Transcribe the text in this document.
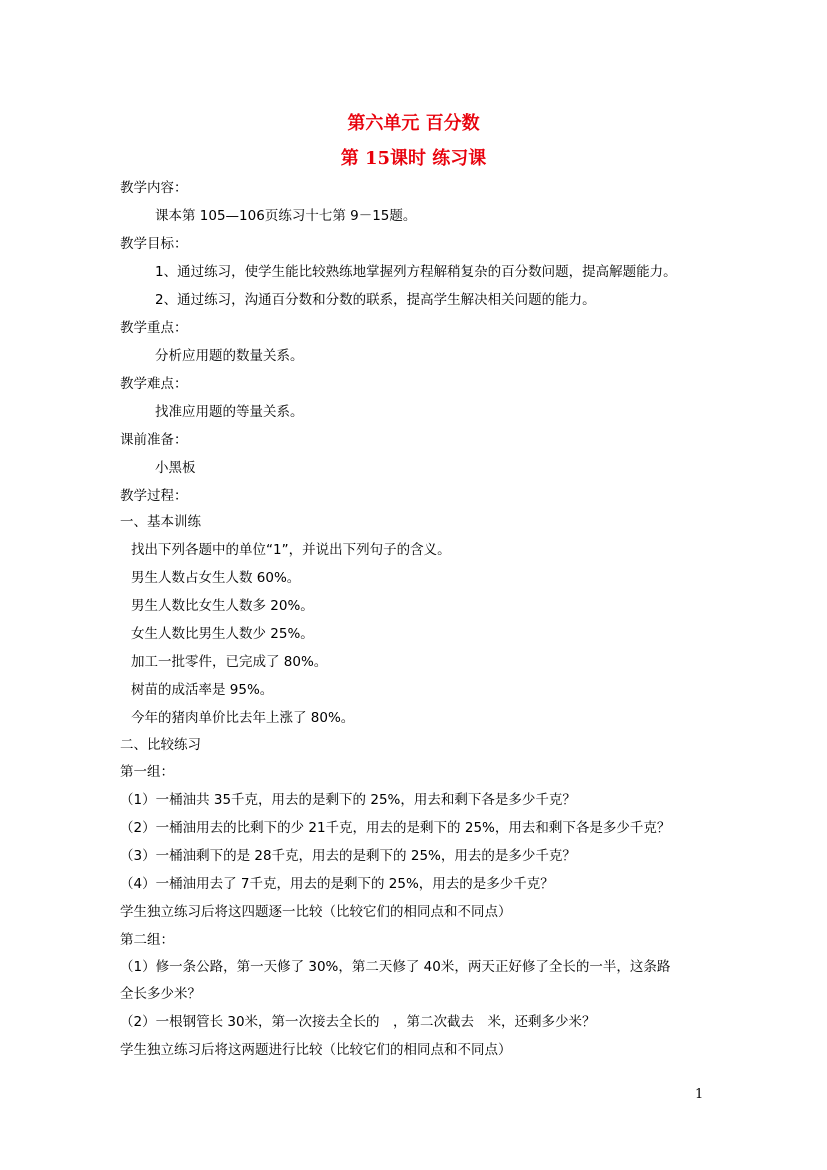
第六单元 百分数
第 15课时 练习课
教学内容：
课本第 105—106页练习十七第 9－15题。
教学目标：
1、通过练习，使学生能比较熟练地掌握列方程解稍复杂的百分数问题，提高解题能力。
2、通过练习，沟通百分数和分数的联系，提高学生解决相关问题的能力。
教学重点：
分析应用题的数量关系。
教学难点：
找准应用题的等量关系。
课前准备：
小黑板
教学过程：
一、基本训练
找出下列各题中的单位“1”，并说出下列句子的含义。
男生人数占女生人数 60%。
男生人数比女生人数多 20%。
女生人数比男生人数少 25%。
加工一批零件，已完成了 80%。
树苗的成活率是 95%。
今年的猪肉单价比去年上涨了 80%。
二、比较练习
第一组：
（1）一桶油共 35千克，用去的是剩下的 25%，用去和剩下各是多少千克？
（2）一桶油用去的比剩下的少 21千克，用去的是剩下的 25%，用去和剩下各是多少千克？
（3）一桶油剩下的是 28千克，用去的是剩下的 25%，用去的是多少千克？
（4）一桶油用去了 7千克，用去的是剩下的 25%，用去的是多少千克？
学生独立练习后将这四题逐一比较（比较它们的相同点和不同点）
第二组：
（1）修一条公路，第一天修了 30%，第二天修了 40米，两天正好修了全长的一半，这条路
全长多少米？
（2）一根钢管长 30米，第一次接去全长的　，第二次截去　米，还剩多少米？
学生独立练习后将这两题进行比较（比较它们的相同点和不同点）
1
